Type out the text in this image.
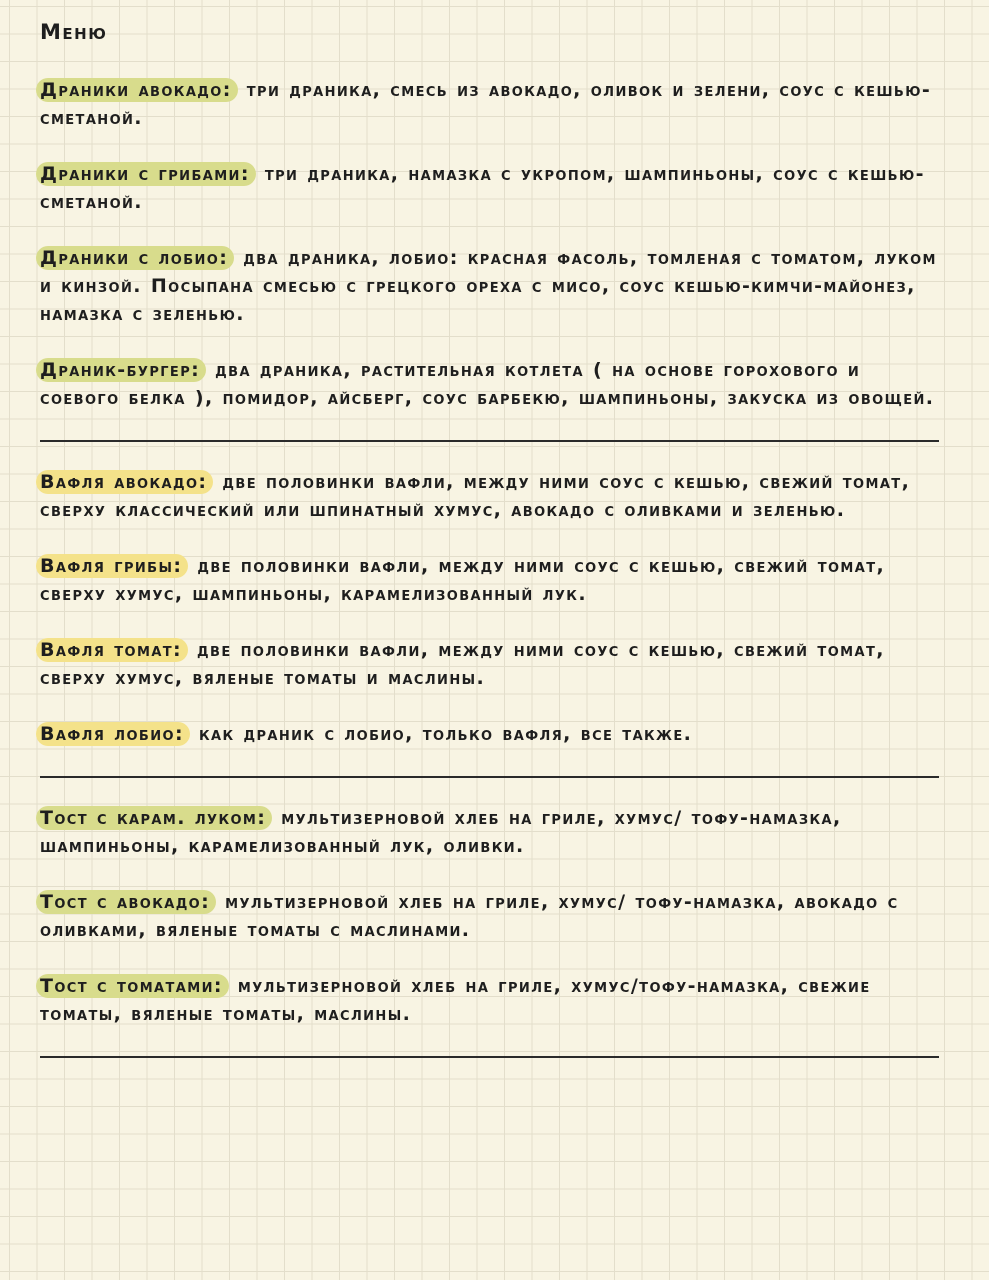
Меню
Драники авокадо: три драника, смесь из авокадо, оливок и зелени, соус с кешью-сметаной.
Драники с грибами: три драника, намазка с укропом, шампиньоны, соус с кешью-сметаной.
Драники с лобио: два драника, лобио: красная фасоль, томленая с томатом, луком и кинзой. Посыпана смесью с грецкого ореха с мисо, соус кешью-кимчи-майонез, намазка с зеленью.
Драник-бургер: два драника, растительная котлета ( на основе горохового и соевого белка ), помидор, айсберг, соус барбекю, шампиньоны, закуска из овощей.
Вафля авокадо: две половинки вафли, между ними соус с кешью, свежий томат, сверху классический или шпинатный хумус, авокадо с оливками и зеленью.
Вафля грибы: две половинки вафли, между ними соус с кешью, свежий томат, сверху хумус, шампиньоны, карамелизованный лук.
Вафля томат: две половинки вафли, между ними соус с кешью, свежий томат, сверху хумус, вяленые томаты и маслины.
Вафля лобио: как драник с лобио, только вафля, все также.
Тост с карам. луком: мультизерновой хлеб на гриле, хумус/ тофу-намазка, шампиньоны, карамелизованный лук, оливки.
Тост с авокадо: мультизерновой хлеб на гриле, хумус/ тофу-намазка, авокадо с оливками, вяленые томаты с маслинами.
Тост с томатами: мультизерновой хлеб на гриле, хумус/тофу-намазка, свежие томаты, вяленые томаты, маслины.
